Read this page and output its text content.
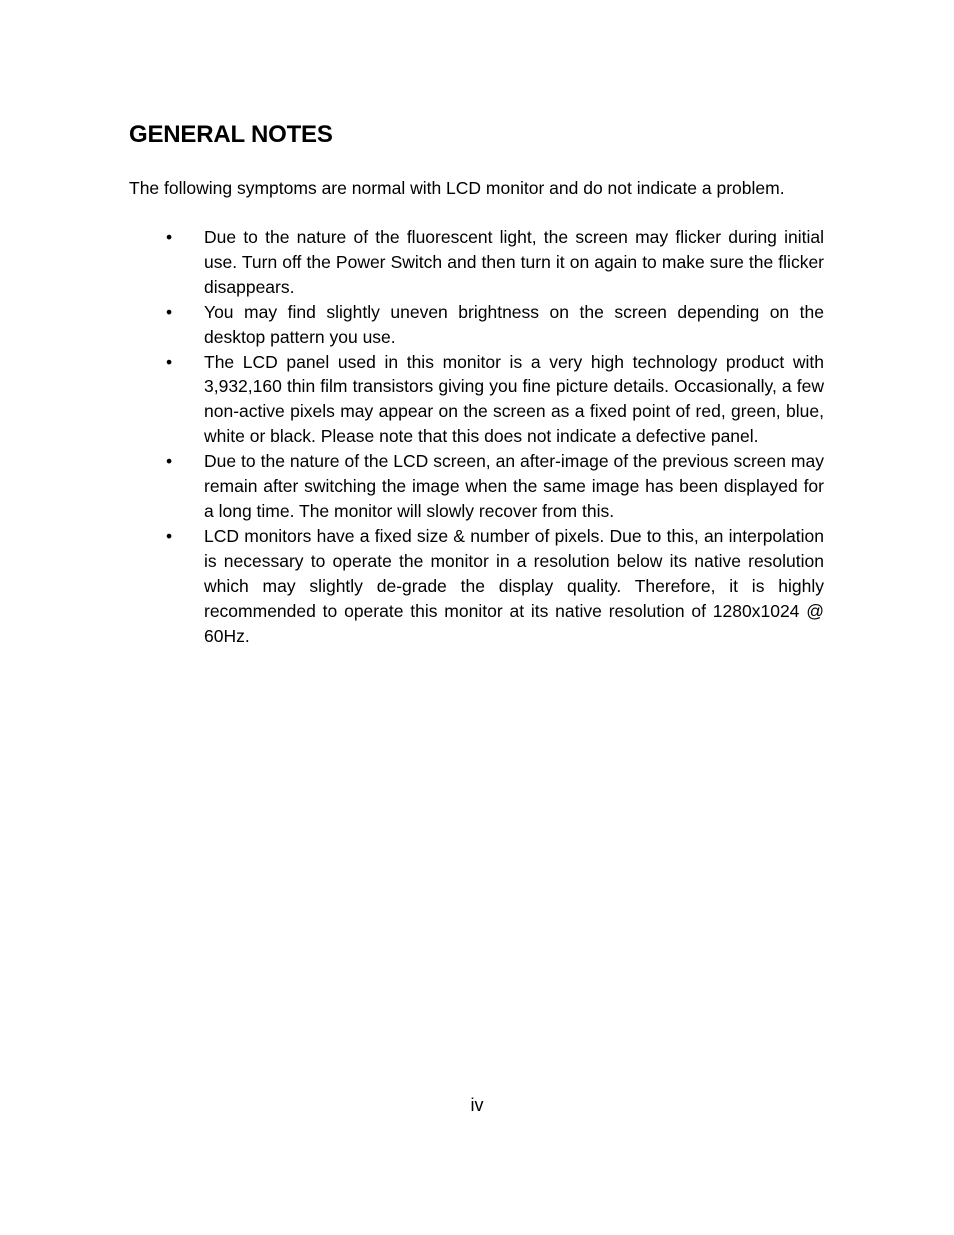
GENERAL NOTES

The following symptoms are normal with LCD monitor and do not indicate a problem.

•	Due to the nature of the fluorescent light, the screen may flicker during initial use. Turn off the Power Switch and then turn it on again to make sure the flicker disappears.
•	You may find slightly uneven brightness on the screen depending on the desktop pattern you use.
•	The LCD panel used in this monitor is a very high technology product with 3,932,160 thin film transistors giving you fine picture details. Occasionally, a few non-active pixels may appear on the screen as a fixed point of red, green, blue, white or black. Please note that this does not indicate a defective panel.
•	Due to the nature of the LCD screen, an after-image of the previous screen may remain after switching the image when the same image has been displayed for a long time. The monitor will slowly recover from this.
•	LCD monitors have a fixed size & number of pixels. Due to this, an interpolation is necessary to operate the monitor in a resolution below its native resolution which may slightly de-grade the display quality. Therefore, it is highly recommended to operate this monitor at its native resolution of 1280x1024 @ 60Hz.
iv
